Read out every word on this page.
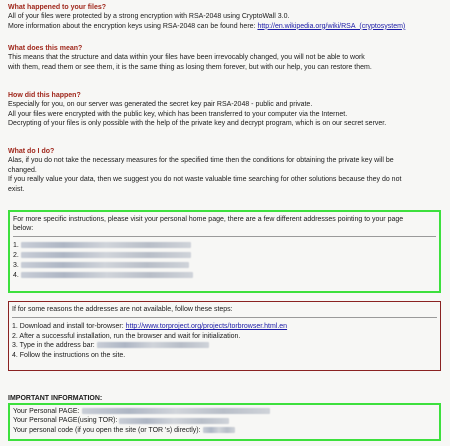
What happened to your files?

All of your files were protected by a strong encryption with RSA-2048 using CryptoWall 3.0.

More information about the encryption keys using RSA-2048 can be found here: http://en.wikipedia.org/wiki/RSA_(cryptosystem)

What does this mean?

This means that the structure and data within your files have been irrevocably changed, you will not be able to work

with them, read them or see them, it is the same thing as losing them forever, but with our help, you can restore them.

How did this happen?

Especially for you, on our server was generated the secret key pair RSA-2048 - public and private.

All your files were encrypted with the public key, which has been transferred to your computer via the Internet.

Decrypting of your files is only possible with the help of the private key and decrypt program, which is on our secret server.

What do I do?

Alas, if you do not take the necessary measures for the specified time then the conditions for obtaining the private key will be

changed.

If you really value your data, then we suggest you do not waste valuable time searching for other solutions because they do not

exist.

For more specific instructions, please visit your personal home page, there are a few different addresses pointing to your page

below:

1.
2.
3.
4.

If for some reasons the addresses are not available, follow these steps:

1. Download and install tor-browser: http://www.torproject.org/projects/torbrowser.html.en

2. After a successful installation, run the browser and wait for initialization.

3. Type in the address bar:

4. Follow the instructions on the site.

IMPORTANT INFORMATION:

Your Personal PAGE:

Your Personal PAGE(using TOR):

Your personal code (if you open the site (or TOR 's) directly):
